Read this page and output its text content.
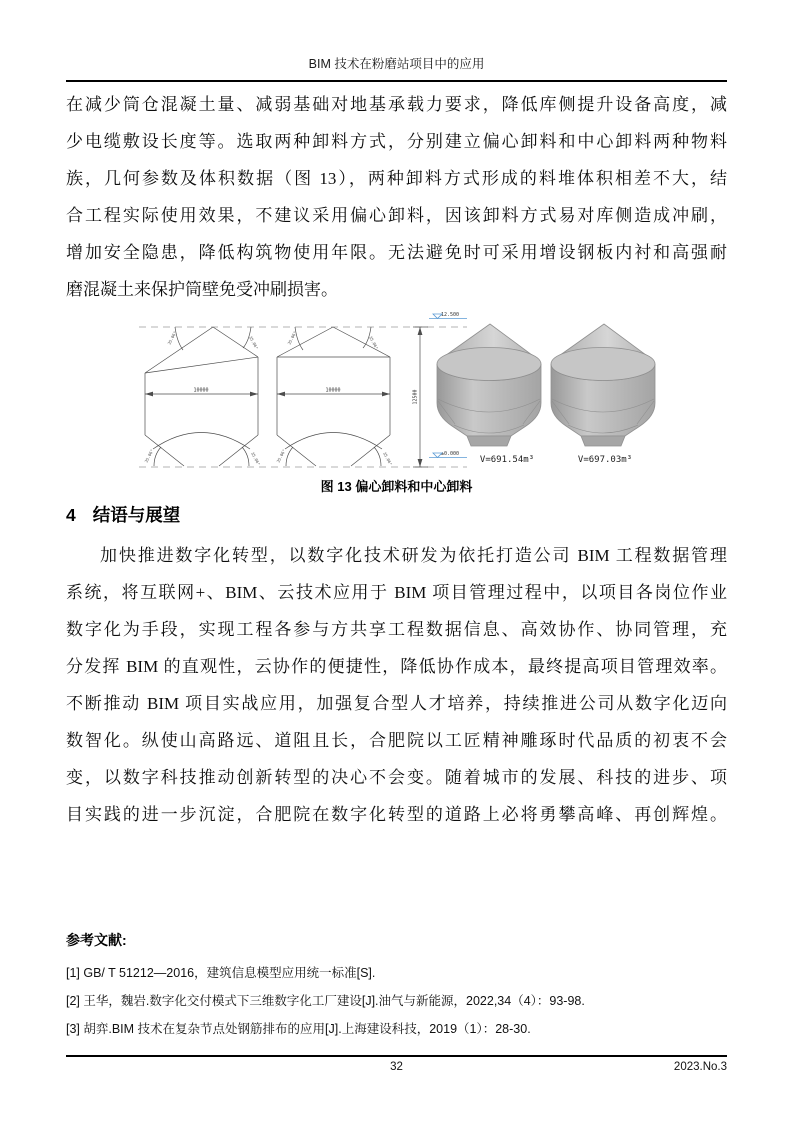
BIM 技术在粉磨站项目中的应用
在减少筒仓混凝土量、减弱基础对地基承载力要求，降低库侧提升设备高度，减
少电缆敷设长度等。选取两种卸料方式，分别建立偏心卸料和中心卸料两种物料
族，几何参数及体积数据（图 13），两种卸料方式形成的料堆体积相差不大，结
合工程实际使用效果，不建议采用偏心卸料，因该卸料方式易对库侧造成冲刷，
增加安全隐患，降低构筑物使用年限。无法避免时可采用增设钢板内衬和高强耐
磨混凝土来保护筒壁免受冲刷损害。
10000
35.06°	35.06°
35.06°	35.06°
10000
35.06°	35.06°
35.06°	35.06°
12500
12.500
±0.000
V=691.54m³	V=697.03m³
图 13 偏心卸料和中心卸料
4 结语与展望
加快推进数字化转型，以数字化技术研发为依托打造公司 BIM 工程数据管理
系统，将互联网+、BIM、云技术应用于 BIM 项目管理过程中，以项目各岗位作业
数字化为手段，实现工程各参与方共享工程数据信息、高效协作、协同管理，充
分发挥 BIM 的直观性，云协作的便捷性，降低协作成本，最终提高项目管理效率。
不断推动 BIM 项目实战应用，加强复合型人才培养，持续推进公司从数字化迈向
数智化。纵使山高路远、道阻且长，合肥院以工匠精神雕琢时代品质的初衷不会
变，以数字科技推动创新转型的决心不会变。随着城市的发展、科技的进步、项
目实践的进一步沉淀，合肥院在数字化转型的道路上必将勇攀高峰、再创辉煌。
参考文献:
[1] GB/ T 51212—2016，建筑信息模型应用统一标准[S].
[2] 王华，魏岩.数字化交付模式下三维数字化工厂建设[J].油气与新能源，2022,34（4）：93-98.
[3] 胡弈.BIM 技术在复杂节点处钢筋排布的应用[J].上海建设科技，2019（1）：28-30.
32	2023.No.3
